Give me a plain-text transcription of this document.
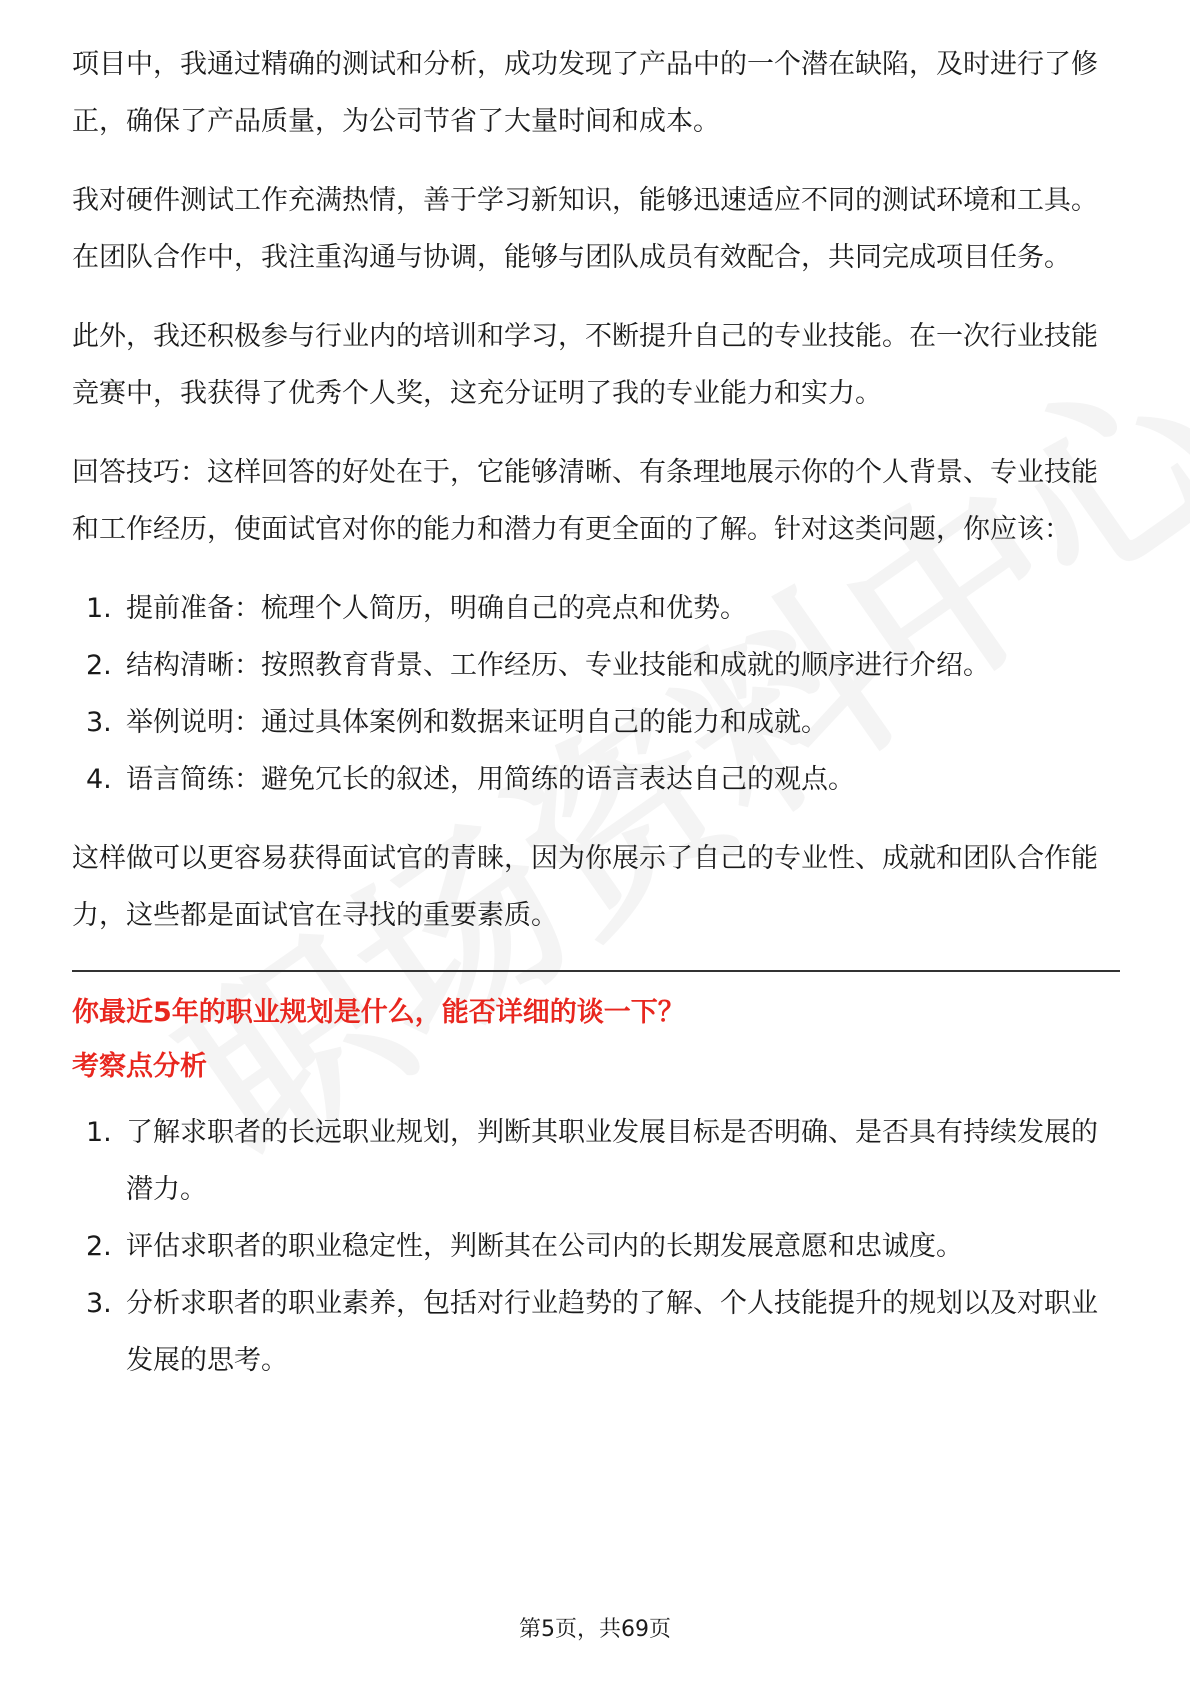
项目中，我通过精确的测试和分析，成功发现了产品中的一个潜在缺陷，及时进行了修正，确保了产品质量，为公司节省了大量时间和成本。

我对硬件测试工作充满热情，善于学习新知识，能够迅速适应不同的测试环境和工具。在团队合作中，我注重沟通与协调，能够与团队成员有效配合，共同完成项目任务。

此外，我还积极参与行业内的培训和学习，不断提升自己的专业技能。在一次行业技能竞赛中，我获得了优秀个人奖，这充分证明了我的专业能力和实力。

回答技巧：这样回答的好处在于，它能够清晰、有条理地展示你的个人背景、专业技能和工作经历，使面试官对你的能力和潜力有更全面的了解。针对这类问题，你应该：

1. 提前准备：梳理个人简历，明确自己的亮点和优势。
2. 结构清晰：按照教育背景、工作经历、专业技能和成就的顺序进行介绍。
3. 举例说明：通过具体案例和数据来证明自己的能力和成就。
4. 语言简练：避免冗长的叙述，用简练的语言表达自己的观点。

这样做可以更容易获得面试官的青睐，因为你展示了自己的专业性、成就和团队合作能力，这些都是面试官在寻找的重要素质。

你最近5年的职业规划是什么，能否详细的谈一下？

考察点分析

1. 了解求职者的长远职业规划，判断其职业发展目标是否明确、是否具有持续发展的潜力。
2. 评估求职者的职业稳定性，判断其在公司内的长期发展意愿和忠诚度。
3. 分析求职者的职业素养，包括对行业趋势的了解、个人技能提升的规划以及对职业发展的思考。
第5页，共69页
